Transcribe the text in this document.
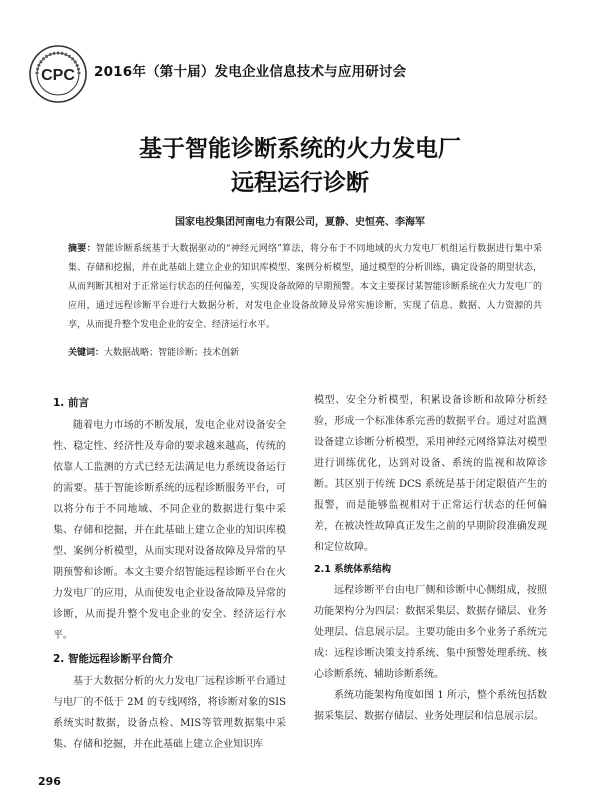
CPC 2016年（第十届）发电企业信息技术与应用研讨会
基于智能诊断系统的火力发电厂
远程运行诊断
国家电投集团河南电力有限公司，夏静、史恒亮、李海军
摘要：智能诊断系统基于大数据驱动的“神经元网络”算法，将分布于不同地域的火力发电厂机组运行数据进行集中采集、存储和挖掘，并在此基础上建立企业的知识库模型、案例分析模型，通过模型的分析训练，确定设备的期望状态，从而判断其相对于正常运行状态的任何偏差，实现设备故障的早期预警。本文主要探讨某智能诊断系统在火力发电厂的应用，通过远程诊断平台进行大数据分析，对发电企业设备故障及异常实施诊断，实现了信息、数据、人力资源的共享，从而提升整个发电企业的安全、经济运行水平。
关键词：大数据战略；智能诊断；技术创新
1. 前言

随着电力市场的不断发展，发电企业对设备安全性、稳定性、经济性及寿命的要求越来越高，传统的依靠人工监测的方式已经无法满足电力系统设备运行的需要。基于智能诊断系统的远程诊断服务平台，可以将分布于不同地域、不同企业的数据进行集中采集、存储和挖掘，并在此基础上建立企业的知识库模型、案例分析模型，从而实现对设备故障及异常的早期预警和诊断。本文主要介绍智能远程诊断平台在火力发电厂的应用，从而使发电企业设备故障及异常的诊断，从而提升整个发电企业的安全、经济运行水平。

2. 智能远程诊断平台简介

基于大数据分析的火力发电厂远程诊断平台通过与电厂的不低于 2M 的专线网络，将诊断对象的SIS系统实时数据，设备点检、MIS等管理数据集中采集、存储和挖掘，并在此基础上建立企业知识库

模型、安全分析模型，积累设备诊断和故障分析经验，形成一个标准体系完善的数据平台。通过对监测设备建立诊断分析模型，采用神经元网络算法对模型进行训练优化，达到对设备、系统的监视和故障诊断。其区别于传统 DCS 系统是基于闭定限值产生的报警，而是能够监视相对于正常运行状态的任何偏差，在被决性故障真正发生之前的早期阶段准确发现和定位故障。

2.1 系统体系结构

远程诊断平台由电厂侧和诊断中心侧组成，按照功能架构分为四层：数据采集层、数据存储层、业务处理层、信息展示层。主要功能由多个业务子系统完成：远程诊断决策支持系统、集中预警处理系统、核心诊断系统、辅助诊断系统。

系统功能架构角度如图 1 所示，整个系统包括数据采集层、数据存储层、业务处理层和信息展示层。

296
